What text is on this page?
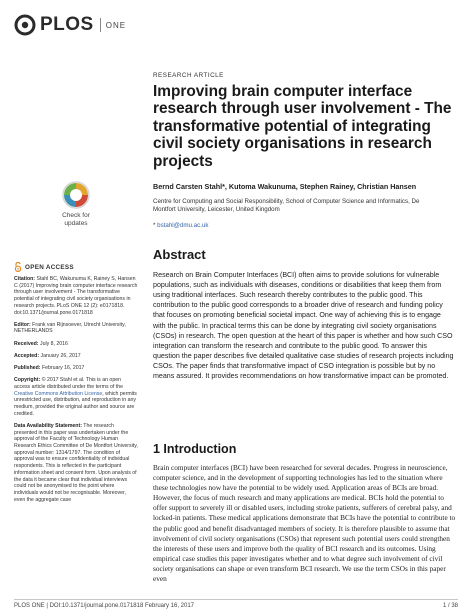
PLOS ONE
Check for updates
OPEN ACCESS
Citation: Stahl BC, Wakunuma K, Rainey S, Hansen C (2017) Improving brain computer interface research through user involvement - The transformative potential of integrating civil society organisations in research projects. PLoS ONE 12 (2): e0171818. doi:10.1371/journal.pone.0171818
Editor: Frank van Rijnsoever, Utrecht University, NETHERLANDS
Received: July 8, 2016
Accepted: January 26, 2017
Published: February 16, 2017
Copyright: © 2017 Stahl et al. This is an open access article distributed under the terms of the Creative Commons Attribution License, which permits unrestricted use, distribution, and reproduction in any medium, provided the original author and source are credited.
Data Availability Statement: The research presented in this paper was undertaken under the approval of the Faculty of Technology Human Research Ethics Committee of De Montfort University, approval number: 1314/1797. The condition of approval was to ensure confidentiality of individual respondents. This is reflected in the participant information sheet and consent form. Upon analysis of the data it became clear that individual interviews could not be anonymised to the point where individuals would not be recognisable. Moreover, even the aggregate case
RESEARCH ARTICLE
Improving brain computer interface research through user involvement - The transformative potential of integrating civil society organisations in research projects
Bernd Carsten Stahl*, Kutoma Wakunuma, Stephen Rainey, Christian Hansen
Centre for Computing and Social Responsibility, School of Computer Science and Informatics, De Montfort University, Leicester, United Kingdom
* bstahl@dmu.ac.uk
Abstract

Research on Brain Computer Interfaces (BCI) often aims to provide solutions for vulnerable populations, such as individuals with diseases, conditions or disabilities that keep them from using traditional interfaces. Such research thereby contributes to the public good. This contribution to the public good corresponds to a broader drive of research and funding policy that focuses on promoting beneficial societal impact. One way of achieving this is to engage with the public. In practical terms this can be done by integrating civil society organisations (CSOs) in research. The open question at the heart of this paper is whether and how such CSO integration can transform the research and contribute to the public good. To answer this question the paper describes five detailed qualitative case studies of research projects including CSOs. The paper finds that transformative impact of CSO integration is possible but by no means assured. It provides recommendations on how transformative impact can be promoted.

1 Introduction

Brain computer interfaces (BCI) have been researched for several decades. Progress in neuroscience, computer science, and in the development of supporting technologies has led to the situation where these technologies now have the potential to be widely used. Application areas of BCIs are broad. However, the focus of much research and many applications are medical. BCIs hold the potential to offer support to severely ill or disabled users, including stroke patients, sufferers of cerebral palsy, and locked-in patients. These medical applications demonstrate that BCIs have the potential to contribute to the public good and benefit disadvantaged members of society. It is therefore plausible to assume that involvement of civil society organisations (CSOs) that represent such potential users could strengthen the interests of these users and improve both the quality of BCI research and its outcomes. Using empirical case studies this paper investigates whether and to what degree such involvement of civil society organisations can shape or even transform BCI research. We use the term CSOs in this paper even

PLOS ONE | DOI:10.1371/journal.pone.0171818 February 16, 2017	1 / 38
